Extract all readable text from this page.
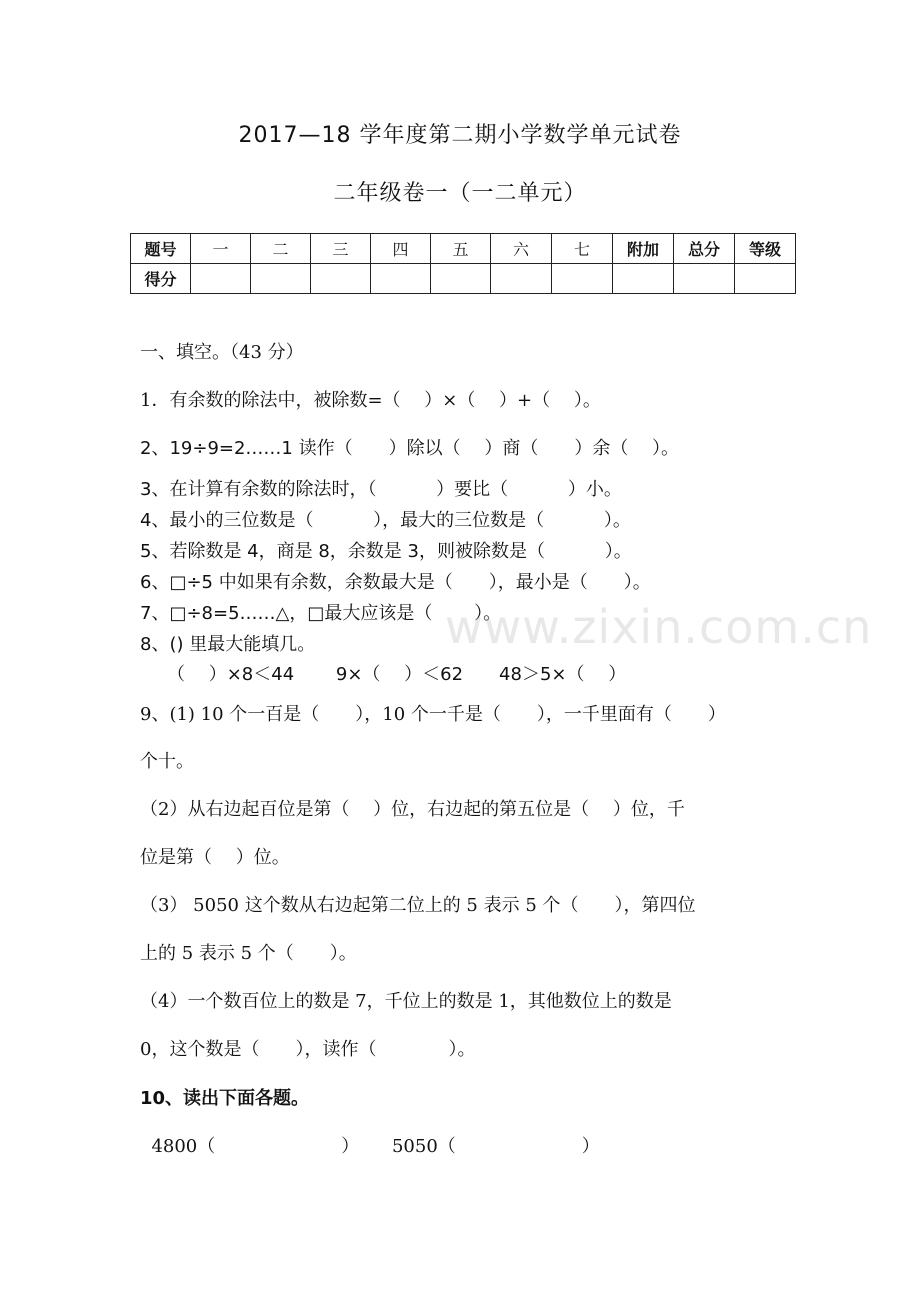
2017—18 学年度第二期小学数学单元试卷
二年级卷一（一二单元）
题号	一	二	三	四	五	六	七	附加	总分	等级
得分										
一、填空。（43 分）
1．有余数的除法中，被除数=（　 ）×（　 ）+（　 ）。
2、19÷9=2……1 读作（　　）除以（　 ）商（　　）余（　 ）。
3、在计算有余数的除法时，（　　　 ）要比（　　　 ）小。
4、最小的三位数是（　　　 ），最大的三位数是（　　　 ）。
5、若除数是 4，商是 8，余数是 3，则被除数是（　　　 ）。
6、□÷5 中如果有余数，余数最大是（　　），最小是（　　）。
7、□÷8=5……△，□最大应该是（　　 ）。
8、() 里最大能填几。
　　（　 ）×8＜44　　 9×（　 ）＜62　　48＞5×（　 ）
www.zixin.com.cn
9、(1) 10 个一百是（　　），10 个一千是（　　），一千里面有（　　）
个十。
（2）从右边起百位是第（　 ）位，右边起的第五位是（　 ）位，千
位是第（　 ）位。
（3） 5050 这个数从右边起第二位上的 5 表示 5 个（　　），第四位
上的 5 表示 5 个（　　）。
（4）一个数百位上的数是 7，千位上的数是 1，其他数位上的数是
0，这个数是（　　），读作（　　　　）。
10、读出下面各题。
4800（　　　　　　　）　　 5050（　　　　　　　）
